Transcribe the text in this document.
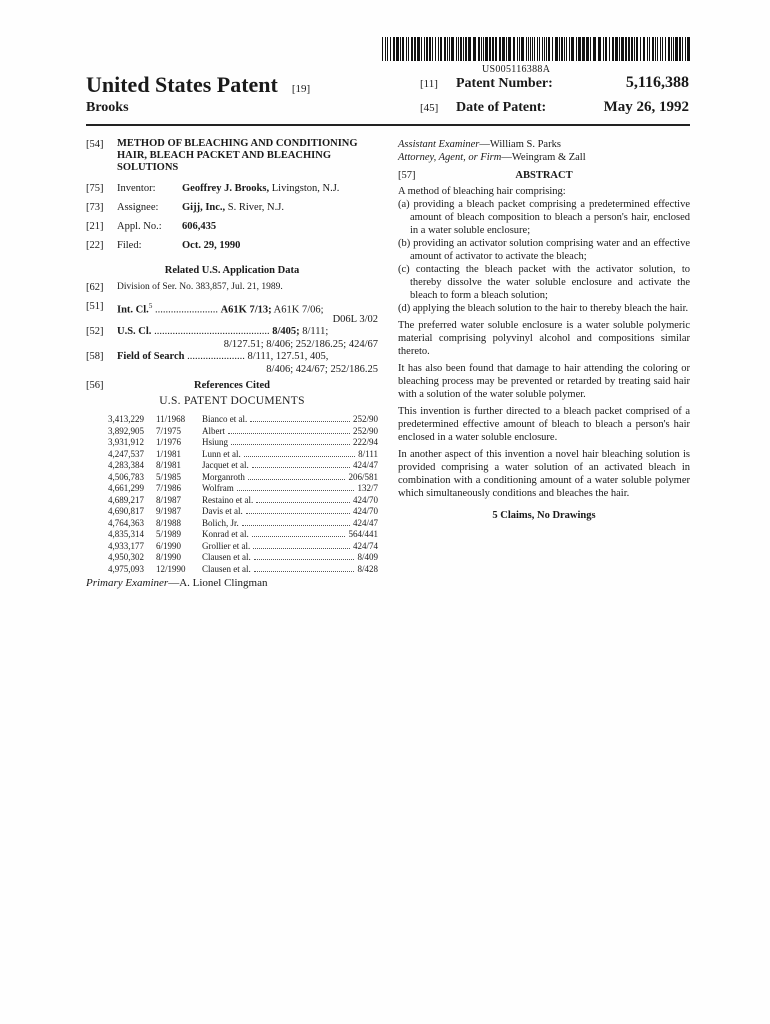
US005116388A
United States Patent [19]
Brooks
[11] Patent Number:	5,116,388
[45] Date of Patent:	May 26, 1992
[54] METHOD OF BLEACHING AND CONDITIONING HAIR, BLEACH PACKET AND BLEACHING SOLUTIONS
[75] Inventor:	Geoffrey J. Brooks, Livingston, N.J.
[73] Assignee: Gijj, Inc., S. River, N.J.
[21] Appl. No.: 606,435
[22] Filed:	Oct. 29, 1990
Related U.S. Application Data
[62] Division of Ser. No. 383,857, Jul. 21, 1989.
[51] Int. Cl.$^5$ ........................ A61K 7/13; A61K 7/06;
D06L 3/02
[52] U.S. Cl. ............................................ 8/405; 8/111;
8/127.51; 8/406; 252/186.25; 424/67
[58] Field of Search ...................... 8/111, 127.51, 405,
8/406; 424/67; 252/186.25
[56]	References Cited
U.S. PATENT DOCUMENTS
3,413,229 11/1968 Bianco et al.	252/90
3,892,905 7/1975 Albert	252/90
3,931,912 1/1976 Hsiung	222/94
4,247,537 1/1981 Lunn et al.	8/111
4,283,384 8/1981 Jacquet et al.	424/47
4,506,783 5/1985 Morganroth	206/581
4,661,299 7/1986 Wolfram	132/7
4,689,217 8/1987 Restaino et al.	424/70
4,690,817 9/1987 Davis et al.	424/70
4,764,363 8/1988 Bolich, Jr.	424/47
4,835,314 5/1989 Konrad et al.	564/441
4,933,177 6/1990 Grollier et al.	424/74
4,950,302 8/1990 Clausen et al.	8/409
4,975,093 12/1990 Clausen et al.	8/428
Primary Examiner—A. Lionel Clingman
Assistant Examiner—William S. Parks
Attorney, Agent, or Firm—Weingram & Zall
[57]	ABSTRACT

A method of bleaching hair comprising:

(a) providing a bleach packet comprising a predetermined effective amount of bleach composition to bleach a person's hair, enclosed in a water soluble enclosure;

(b) providing an activator solution comprising water and an effective amount of activator to activate the bleach;

(c) contacting the bleach packet with the activator solution, to thereby dissolve the water soluble enclosure and activate the bleach to form a bleach solution;

(d) applying the bleach solution to the hair to thereby bleach the hair.

The preferred water soluble enclosure is a water soluble polymeric material comprising polyvinyl alcohol and compositions similar thereto.

It has also been found that damage to hair attending the coloring or bleaching process may be prevented or retarded by treating said hair with a solution of the water soluble polymer.

This invention is further directed to a bleach packet comprised of a predetermined effective amount of bleach to bleach a person's hair enclosed in a water soluble enclosure.

In another aspect of this invention a novel hair bleaching solution is provided comprising a water solution of an activated bleach in combination with a conditioning amount of a water soluble polymer which simultaneously conditions and bleaches the hair.

5 Claims, No Drawings
